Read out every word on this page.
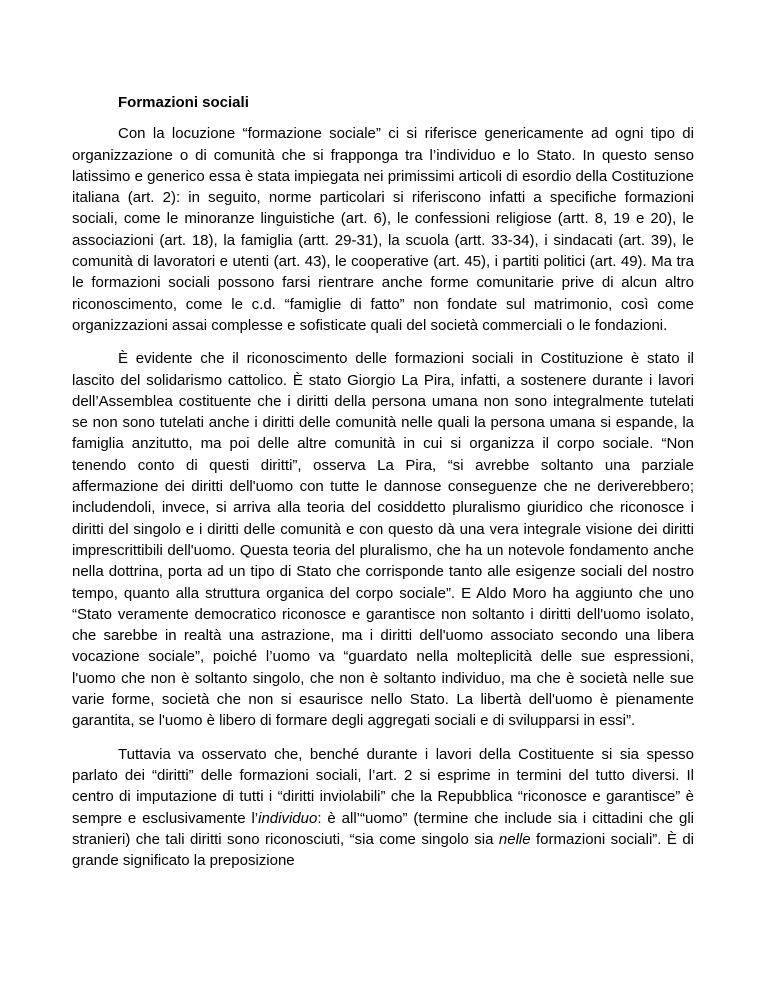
Formazioni sociali

Con la locuzione “formazione sociale” ci si riferisce genericamente ad ogni tipo di organizzazione o di comunità che si frapponga tra l’individuo e lo Stato. In questo senso latissimo e generico essa è stata impiegata nei primissimi articoli di esordio della Costituzione italiana (art. 2): in seguito, norme particolari si riferiscono infatti a specifiche formazioni sociali, come le minoranze linguistiche (art. 6), le confessioni religiose (artt. 8, 19 e 20), le associazioni (art. 18), la famiglia (artt. 29-31), la scuola (artt. 33-34), i sindacati (art. 39), le comunità di lavoratori e utenti (art. 43), le cooperative (art. 45), i partiti politici (art. 49). Ma tra le formazioni sociali possono farsi rientrare anche forme comunitarie prive di alcun altro riconoscimento, come le c.d. “famiglie di fatto” non fondate sul matrimonio, così come organizzazioni assai complesse e sofisticate quali del società commerciali o le fondazioni.

È evidente che il riconoscimento delle formazioni sociali in Costituzione è stato il lascito del solidarismo cattolico. È stato Giorgio La Pira, infatti, a sostenere durante i lavori dell’Assemblea costituente che i diritti della persona umana non sono integralmente tutelati se non sono tutelati anche i diritti delle comunità nelle quali la persona umana si espande, la famiglia anzitutto, ma poi delle altre comunità in cui si organizza il corpo sociale. “Non tenendo conto di questi diritti”, osserva La Pira, “si avrebbe soltanto una parziale affermazione dei diritti dell'uomo con tutte le dannose conseguenze che ne deriverebbero; includendoli, invece, si arriva alla teoria del cosiddetto pluralismo giuridico che riconosce i diritti del singolo e i diritti delle comunità e con questo dà una vera integrale visione dei diritti imprescrittibili dell'uomo. Questa teoria del pluralismo, che ha un notevole fondamento anche nella dottrina, porta ad un tipo di Stato che corrisponde tanto alle esigenze sociali del nostro tempo, quanto alla struttura organica del corpo sociale”. E Aldo Moro ha aggiunto che uno “Stato veramente democratico riconosce e garantisce non soltanto i diritti dell'uomo isolato, che sarebbe in realtà una astrazione, ma i diritti dell'uomo associato secondo una libera vocazione sociale”, poiché l’uomo va “guardato nella molteplicità delle sue espressioni, l'uomo che non è soltanto singolo, che non è soltanto individuo, ma che è società nelle sue varie forme, società che non si esaurisce nello Stato. La libertà dell'uomo è pienamente garantita, se l'uomo è libero di formare degli aggregati sociali e di svilupparsi in essi”.

Tuttavia va osservato che, benché durante i lavori della Costituente si sia spesso parlato dei “diritti” delle formazioni sociali, l’art. 2 si esprime in termini del tutto diversi. Il centro di imputazione di tutti i “diritti inviolabili” che la Repubblica “riconosce e garantisce” è sempre e esclusivamente l’individuo: è all’“uomo” (termine che include sia i cittadini che gli stranieri) che tali diritti sono riconosciuti, “sia come singolo sia nelle formazioni sociali”. È di grande significato la preposizione
